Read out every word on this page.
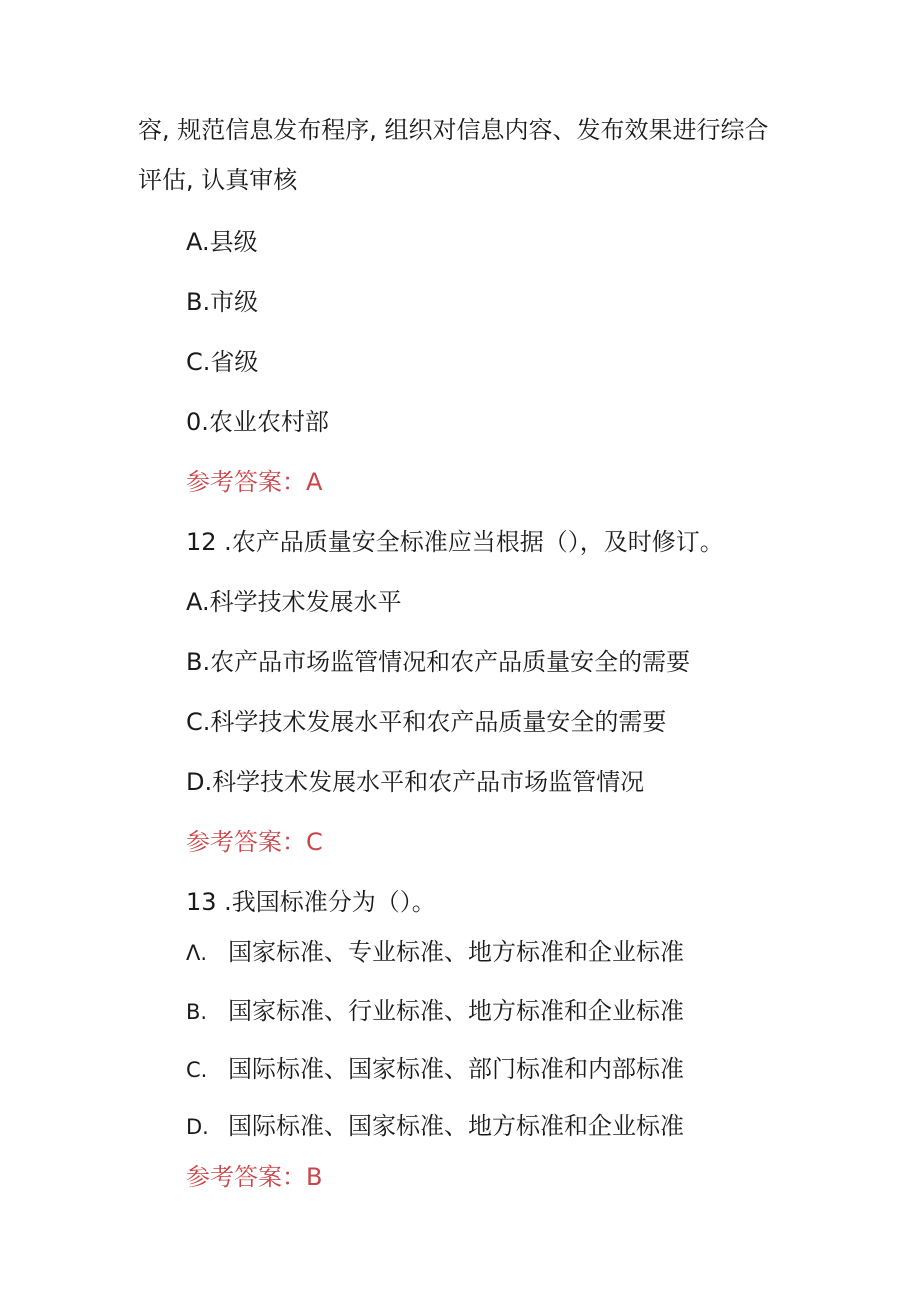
容, 规范信息发布程序, 组织对信息内容、发布效果进行综合
评估, 认真审核
A.县级
B.市级
C.省级
0.农业农村部
参考答案：A
12 .农产品质量安全标准应当根据（），及时修订。
A.科学技术发展水平
B.农产品市场监管情况和农产品质量安全的需要
C.科学技术发展水平和农产品质量安全的需要
D.科学技术发展水平和农产品市场监管情况
参考答案：C
13 .我国标准分为（）。
Λ. 国家标准、专业标准、地方标准和企业标准
B. 国家标准、行业标准、地方标准和企业标准
C. 国际标准、国家标准、部门标准和内部标准
D. 国际标准、国家标准、地方标准和企业标准
参考答案：B
